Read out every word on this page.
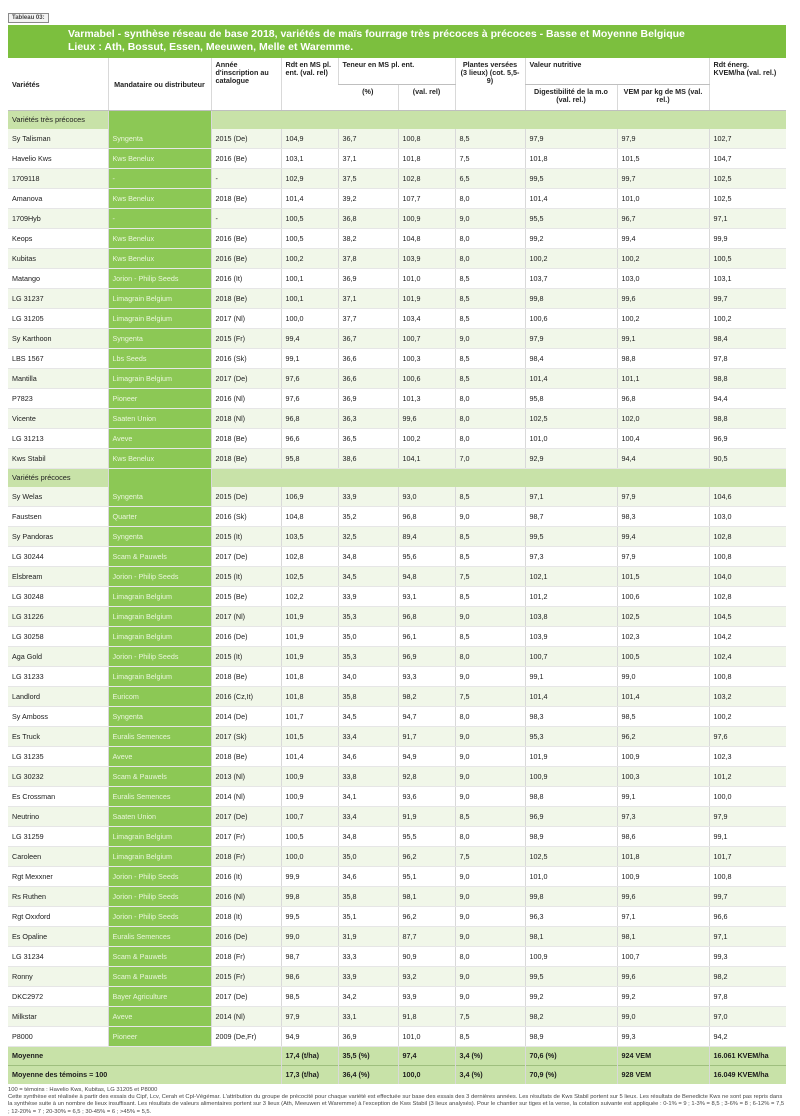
Tableau 03:
Varmabel - synthèse réseau de base 2018, variétés de maïs fourrage très précoces à précoces - Basse et Moyenne Belgique
Lieux : Ath, Bossut, Essen, Meeuwen, Melle et Waremme.
Variétés	Mandataire ou distributeur	Année d'inscription au catalogue	Rdt en MS pl. ent. (val. rel)	Teneur en MS pl. ent.		Plantes versées (3 lieux) (cot. 5,5-9)	Valeur nutritive		Rdt énerg. KVEM/ha (val. rel.)
				(%)	(val. rel)		Digestibilité de la m.o (val. rel.)	VEM par kg de MS (val. rel.)	
Variétés très précoces									
Sy Talisman	Syngenta	2015 (De)	104,9	36,7	100,8	8,5	97,9	97,9	102,7
Havelio Kws	Kws Benelux	2016 (Be)	103,1	37,1	101,8	7,5	101,8	101,5	104,7
1709118	-	-	102,9	37,5	102,8	6,5	99,5	99,7	102,5
Amanova	Kws Benelux	2018 (Be)	101,4	39,2	107,7	8,0	101,4	101,0	102,5
1709Hyb	-	-	100,5	36,8	100,9	9,0	95,5	96,7	97,1
Keops	Kws Benelux	2016 (Be)	100,5	38,2	104,8	8,0	99,2	99,4	99,9
Kubitas	Kws Benelux	2016 (Be)	100,2	37,8	103,9	8,0	100,2	100,2	100,5
Matango	Jorion - Philip Seeds	2016 (It)	100,1	36,9	101,0	8,5	103,7	103,0	103,1
LG 31237	Limagrain Belgium	2018 (Be)	100,1	37,1	101,9	8,5	99,8	99,6	99,7
LG 31205	Limagrain Belgium	2017 (Nl)	100,0	37,7	103,4	8,5	100,6	100,2	100,2
Sy Karthoon	Syngenta	2015 (Fr)	99,4	36,7	100,7	9,0	97,9	99,1	98,4
LBS 1567	Lbs Seeds	2016 (Sk)	99,1	36,6	100,3	8,5	98,4	98,8	97,8
Mantilla	Limagrain Belgium	2017 (De)	97,6	36,6	100,6	8,5	101,4	101,1	98,8
P7823	Pioneer	2016 (Nl)	97,6	36,9	101,3	8,0	95,8	96,8	94,4
Vicente	Saaten Union	2018 (Nl)	96,8	36,3	99,6	8,0	102,5	102,0	98,8
LG 31213	Aveve	2018 (Be)	96,6	36,5	100,2	8,0	101,0	100,4	96,9
Kws Stabil	Kws Benelux	2018 (Be)	95,8	38,6	104,1	7,0	92,9	94,4	90,5
Variétés précoces									
Sy Welas	Syngenta	2015 (De)	106,9	33,9	93,0	8,5	97,1	97,9	104,6
Faustsen	Quarter	2016 (Sk)	104,8	35,2	96,8	9,0	98,7	98,3	103,0
Sy Pandoras	Syngenta	2015 (It)	103,5	32,5	89,4	8,5	99,5	99,4	102,8
LG 30244	Scam & Pauwels	2017 (De)	102,8	34,8	95,6	8,5	97,3	97,9	100,8
Elsbream	Jorion - Philip Seeds	2015 (It)	102,5	34,5	94,8	7,5	102,1	101,5	104,0
LG 30248	Limagrain Belgium	2015 (Be)	102,2	33,9	93,1	8,5	101,2	100,6	102,8
LG 31226	Limagrain Belgium	2017 (Nl)	101,9	35,3	96,8	9,0	103,8	102,5	104,5
LG 30258	Limagrain Belgium	2016 (De)	101,9	35,0	96,1	8,5	103,9	102,3	104,2
Aga Gold	Jorion - Philip Seeds	2015 (It)	101,9	35,3	96,9	8,0	100,7	100,5	102,4
LG 31233	Limagrain Belgium	2018 (Be)	101,8	34,0	93,3	9,0	99,1	99,0	100,8
Landlord	Euricom	2016 (Cz,It)	101,8	35,8	98,2	7,5	101,4	101,4	103,2
Sy Amboss	Syngenta	2014 (De)	101,7	34,5	94,7	8,0	98,3	98,5	100,2
Es Truck	Euralis Semences	2017 (Sk)	101,5	33,4	91,7	9,0	95,3	96,2	97,6
LG 31235	Aveve	2018 (Be)	101,4	34,6	94,9	9,0	101,9	100,9	102,3
LG 30232	Scam & Pauwels	2013 (Nl)	100,9	33,8	92,8	9,0	100,9	100,3	101,2
Es Crossman	Euralis Semences	2014 (Nl)	100,9	34,1	93,6	9,0	98,8	99,1	100,0
Neutrino	Saaten Union	2017 (De)	100,7	33,4	91,9	8,5	96,9	97,3	97,9
LG 31259	Limagrain Belgium	2017 (Fr)	100,5	34,8	95,5	8,0	98,9	98,6	99,1
Caroleen	Limagrain Belgium	2018 (Fr)	100,0	35,0	96,2	7,5	102,5	101,8	101,7
Rgt Mexxner	Jorion - Philip Seeds	2016 (It)	99,9	34,6	95,1	9,0	101,0	100,9	100,8
Rs Ruthen	Jorion - Philip Seeds	2016 (Nl)	99,8	35,8	98,1	9,0	99,8	99,6	99,7
Rgt Oxxford	Jorion - Philip Seeds	2018 (It)	99,5	35,1	96,2	9,0	96,3	97,1	96,6
Es Opaline	Euralis Semences	2016 (De)	99,0	31,9	87,7	9,0	98,1	98,1	97,1
LG 31234	Scam & Pauwels	2018 (Fr)	98,7	33,3	90,9	8,0	100,9	100,7	99,3
Ronny	Scam & Pauwels	2015 (Fr)	98,6	33,9	93,2	9,0	99,5	99,6	98,2
DKC2972	Bayer Agriculture	2017 (De)	98,5	34,2	93,9	9,0	99,2	99,2	97,8
Milkstar	Aveve	2014 (Nl)	97,9	33,1	91,8	7,5	98,2	99,0	97,0
P8000	Pioneer	2009 (De,Fr)	94,9	36,9	101,0	8,5	98,9	99,3	94,2
Moyenne			17,4 (t/ha)	35,5 (%)	97,4	3,4 (%)	70,6 (%)	924 VEM	16.061 KVEM/ha
Moyenne des témoins = 100			17,3 (t/ha)	36,4 (%)	100,0	3,4 (%)	70,9 (%)	928 VEM	16.049 KVEM/ha
100 = témoins : Havelio Kws, Kubitas, LG 31205 et P8000
Cette synthèse est réalisée à partir des essais du Cipf, Lcv, Cerah et Cpl-Végémar. L'attribution du groupe de précocité pour chaque variété est effectuée sur base des essais des 3 dernières années. Les résultats de Kws Stabil portent sur 5 lieux. Les résultats de Benedicte Kws ne sont pas repris dans la synthèse suite à un nombre de lieux insuffisant. Les résultats de valeurs alimentaires portent sur 3 lieux (Ath, Meeuwen et Waremme) à l'exception de Kws Stabil (3 lieux analysés). Pour le chantier sur tiges et la verse, la cotation suivante est appliquée : 0-1% = 9 ; 1-3% = 8,5 ; 3-6% = 8 ; 6-12% = 7,5 ; 12-20% = 7 ; 20-30% = 6,5 ; 30-45% = 6 ; >45% = 5,5.
